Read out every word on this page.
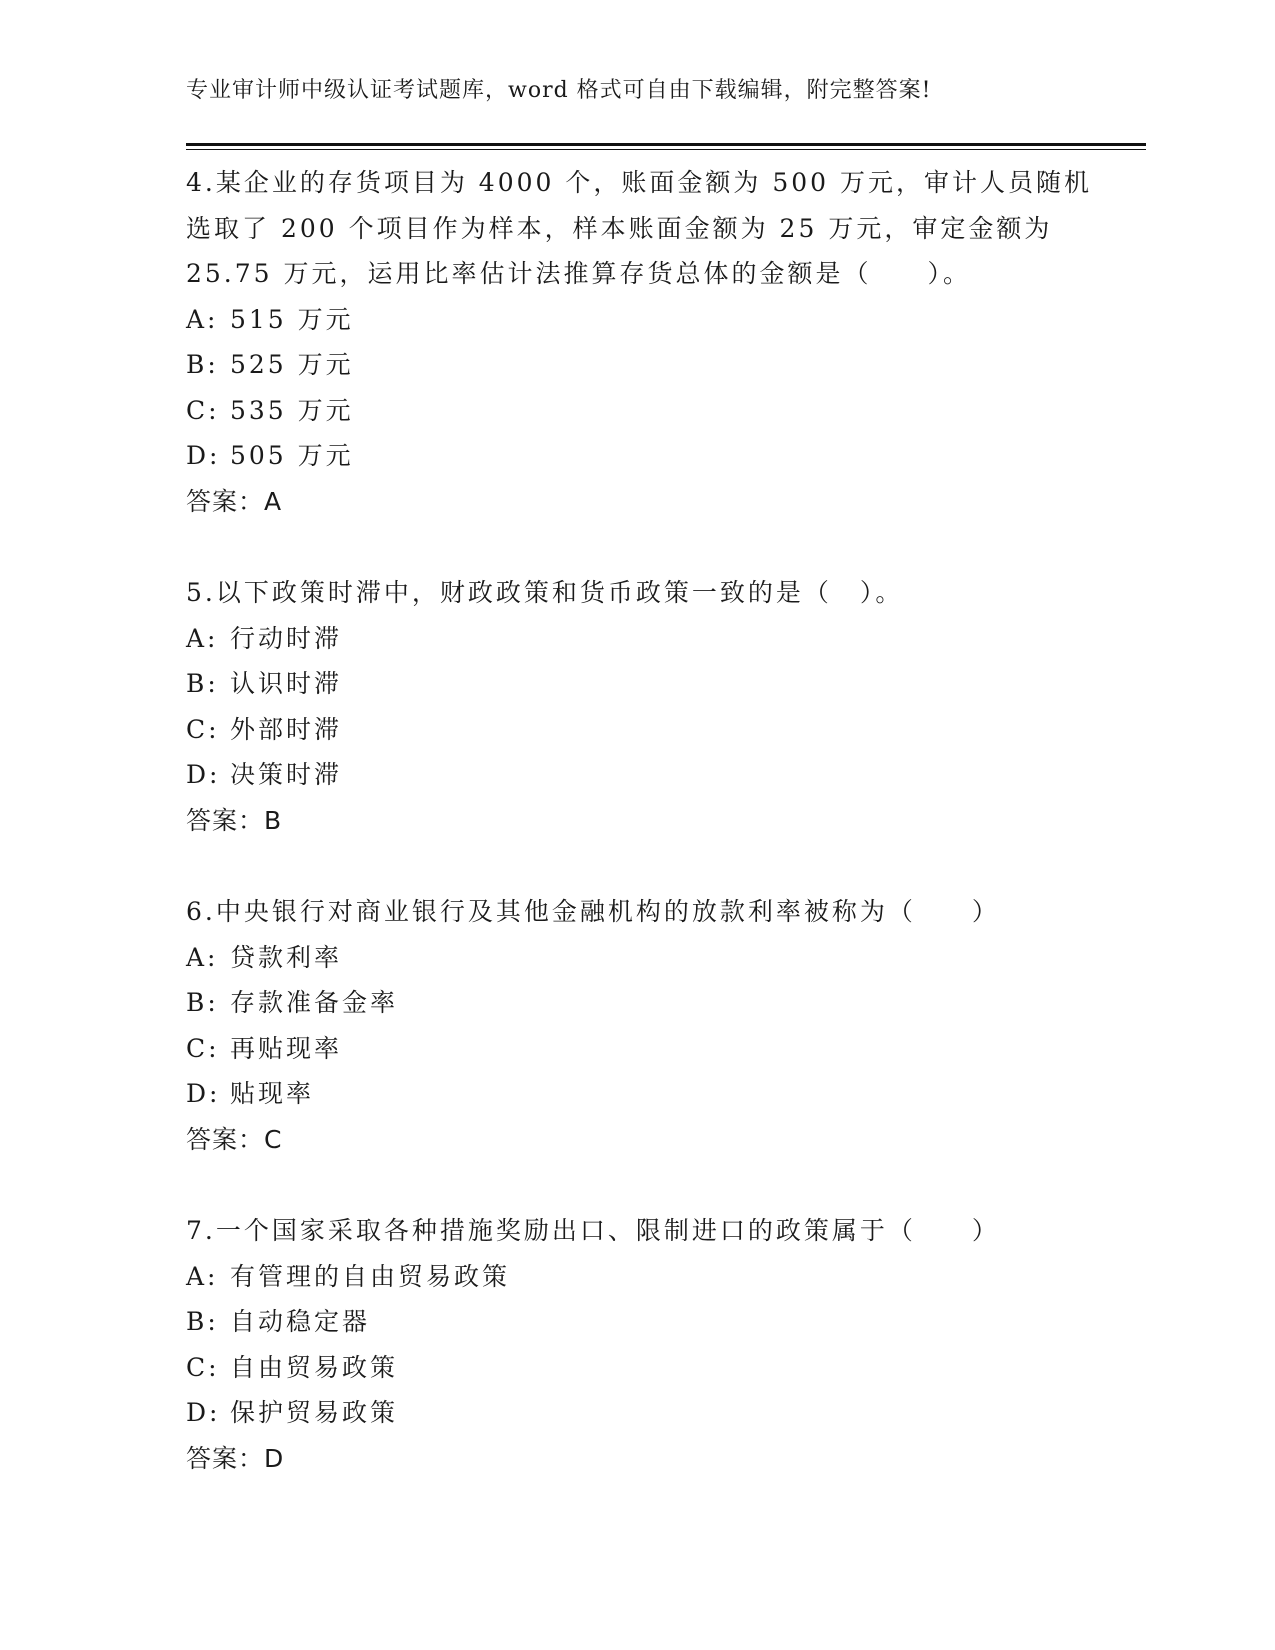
专业审计师中级认证考试题库，word 格式可自由下载编辑，附完整答案!
4.某企业的存货项目为 4000 个，账面金额为 500 万元，审计人员随机
选取了 200 个项目作为样本，样本账面金额为 25 万元，审定金额为
25.75 万元，运用比率估计法推算存货总体的金额是（　　）。
A: 515 万元
B: 525 万元
C: 535 万元
D: 505 万元
答案：A
5.以下政策时滞中，财政政策和货币政策一致的是（　）。
A: 行动时滞
B: 认识时滞
C: 外部时滞
D: 决策时滞
答案：B
6.中央银行对商业银行及其他金融机构的放款利率被称为（　　）
A: 贷款利率
B: 存款准备金率
C: 再贴现率
D: 贴现率
答案：C
7.一个国家采取各种措施奖励出口、限制进口的政策属于（　　）
A: 有管理的自由贸易政策
B: 自动稳定器
C: 自由贸易政策
D: 保护贸易政策
答案：D
